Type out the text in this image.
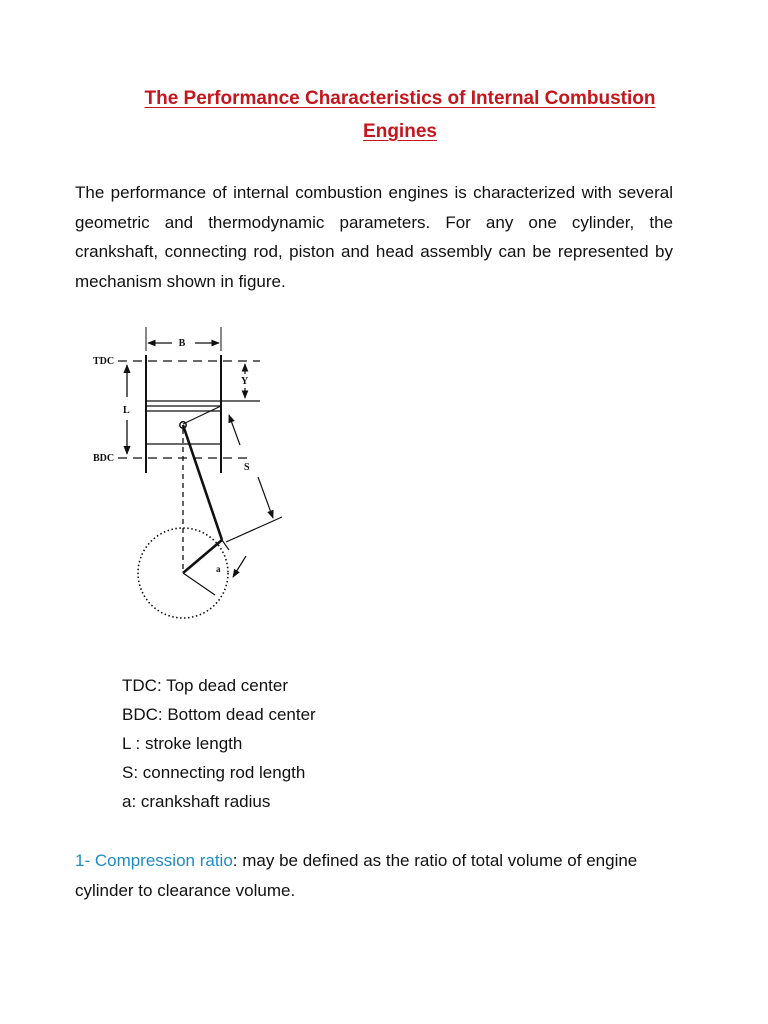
The Performance Characteristics of Internal Combustion
Engines

The performance of internal combustion engines is characterized with several geometric and thermodynamic parameters. For any one cylinder, the crankshaft, connecting rod, piston and head assembly can be represented by mechanism shown in figure.

B
TDC
L
BDC
Y
S
a
TDC: Top dead center
BDC: Bottom dead center
L : stroke length
S: connecting rod length
a: crankshaft radius

1- Compression ratio: may be defined as the ratio of total volume of engine cylinder to clearance volume.
